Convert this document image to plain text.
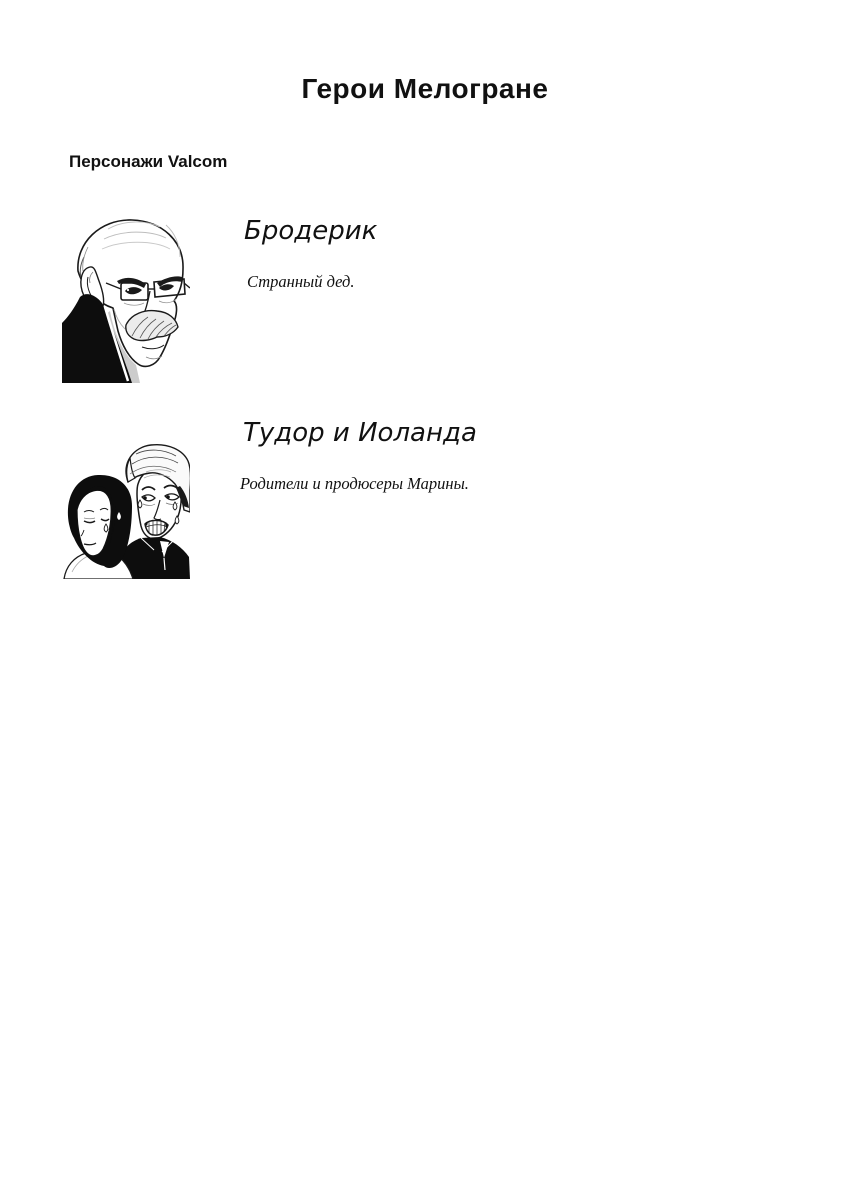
Герои Мелогране
Персонажи Valcom
Бродерик

Странный дед.

Тудор и Иоланда

Родители и продюсеры Марины.
